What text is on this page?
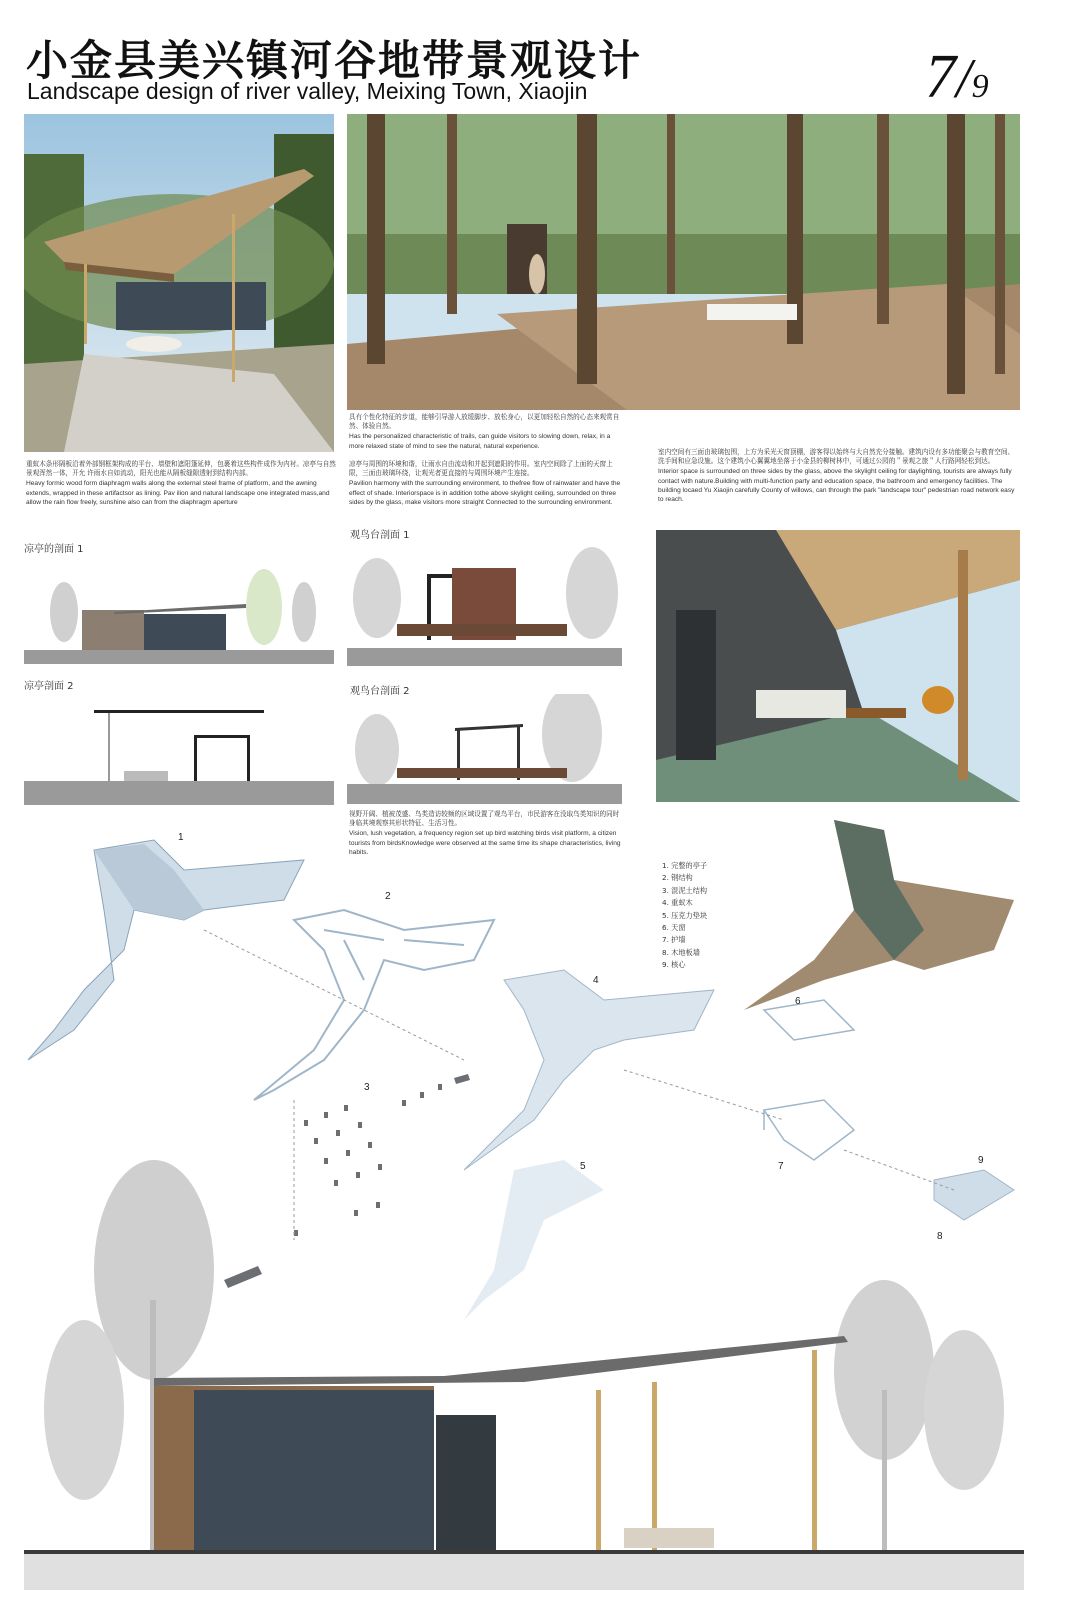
小金县美兴镇河谷地带景观设计
Landscape design of river valley, Meixing Town, Xiaojin	7/9

重蚁木条形隔板沿着外部钢框架构成的平台、墙壁和遮阳篷延伸，包裹着这些构件成作为内衬。凉亭与自然景观浑然一体，开允 许雨水自如流动，阳光也能从隔板缝隙透射到结构内部。

Heavy formic wood form diaphragm walls along the external steel frame of platform, and the awning extends, wrapped in these artifactsor as lining. Pav ilion and natural landscape one integrated mass,and allow the rain flow freely, sunshine also can from the diaphragm aperture

具有个性化特征的步道，能够引导游人放缓脚步、放松身心，以更加轻松自然的心态来观赏自然、体验自然。

Has the personalized characteristic of trails, can guide visitors to slowing down, relax, in a more relaxed state of mind to see the natural, natural experience.

凉亭与周围的环境和谐，让雨水自由流动和并起到遮阳的作用。室内空间除了上面的天窗上限，三面由玻璃环绕，让观光者更直接的与周围环境产生连接。

Pavilion harmony with the surrounding environment, to thefree flow of rainwater and have the effect of shade. Interiorspace is in addition tothe above skylight ceiling, surrounded on three sides by the glass, make visitors more straight Connected to the surrounding environment.

室内空间有三面由玻璃包围，上方为采光天窗顶棚，游客得以始终与大自然充分接触。建筑内设有多功能聚会与教育空间、洗手间和应急设施。这个建筑小心翼翼地坐落于小金县的柳树林中，可通过公园的＂景观之旅＂人行路网轻松到达。

Interior space is surrounded on three sides by the glass, above the skylight ceiling for daylighting, tourists are always fully contact with nature.Building with multi-function party and education space, the bathroom and emergency facilities. The building locaed Yu Xiaojin carefully County of willows, can through the park "landscape tour" pedestrian road network easy to reach.

凉亭的剖面 1
凉亭剖面 2
观鸟台剖面 1
观鸟台剖面 2

视野开阔、植被茂盛、鸟类造访较频的区域设置了观鸟平台，市民游客在没取鸟类知识的同时身临其境观察其形状特征、生活习性。

Vision, lush vegetation, a frequency region set up bird watching birds visit platform, a citizen tourists from birdsKnowledge were observed at the same time its shape characteristics, living habits.

1. 完整的亭子
2. 钢结构
3. 混泥土结构
4. 重蚁木
5. 压克力垫块
6. 天窗
7. 护墙
8. 木地板墙
9. 核心
1
2
3
4
5
6
7
8
9
